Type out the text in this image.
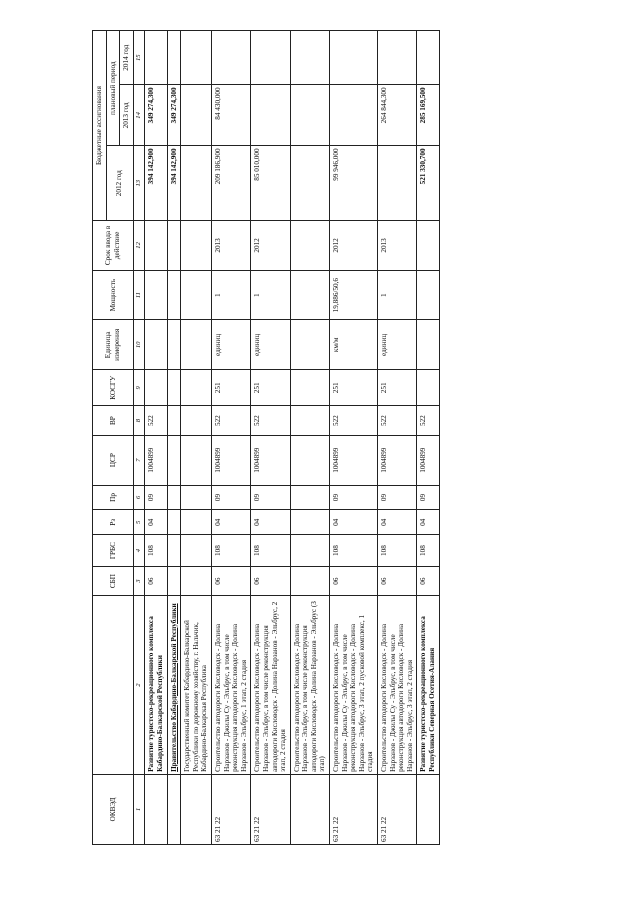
ОКВЭД		СБП	ГРБС	Рз	Пр	ЦСР	ВР	КОСГУ	Единица измерения	Мощность	Срок ввода в действие	Бюджетные ассигнования		
												2012 год	плановый период	
													2013 год	2014 год
1	2	3	4	5	6	7	8	9	10	11	12	13	14	15
	Развитие туристско-рекреационного комплекса Кабардино-Балкарской Республики	06	108	04	09	1004899	522					394 142,900	349 274,300	
	Правительство Кабардино-Балкарской Республики											394 142,900	349 274,300	
	Государственный комитет Кабардино-Балкарской Республики по дорожному хозяйству, г. Нальчик, Кабардино-Балкарская Республика													
63 21 22	Строительство автодороги Кисловодск - Долина Нарзанов - Джилы Су - Эльбрус, в том числе реконструкция автодороги Кисловодск - Долина Нарзанов - Эльбрус, 1 этап, 2 стадия	06	108	04	09	1004899	522	251	единиц	1	2013	209 186,900	84 430,000	
63 21 22	Строительство автодороги Кисловодск - Долина Нарзанов - Эльбрус, в том числе реконструкция автодороги Кисловодск - Долина Нарзанов - Эльбрус, 2 этап, 2 стадия	06	108	04	09	1004899	522	251	единиц	1	2012	85 010,000		
	Строительство автодороги Кисловодск - Долина Нарзанов - Эльбрус, в том числе реконструкция автодороги Кисловодск - Долина Нарзанов - Эльбрус (3 этап)													
63 21 22	Строительство автодороги Кисловодск - Долина Нарзанов - Джилы Су - Эльбрус, в том числе реконструкция автодороги Кисловодск - Долина Нарзанов - Эльбрус, 3 этап, 2 пусковой комплекс, 1 стадия	06	108	04	09	1004899	522	251	км/м	19,886/50,6	2012	99 946,000		
63 21 22	Строительство автодороги Кисловодск - Долина Нарзанов - Джилы Су - Эльбрус, в том числе реконструкция автодороги Кисловодск - Долина Нарзанов - Эльбрус, 3 этап, 2 стадия	06	108	04	09	1004899	522	251	единиц	1	2013		264 844,300	
	Развитие туристско-рекреационного комплекса Республики Северная Осетия-Алания	06	108	04	09	1004899	522					521 330,700	285 169,500	
